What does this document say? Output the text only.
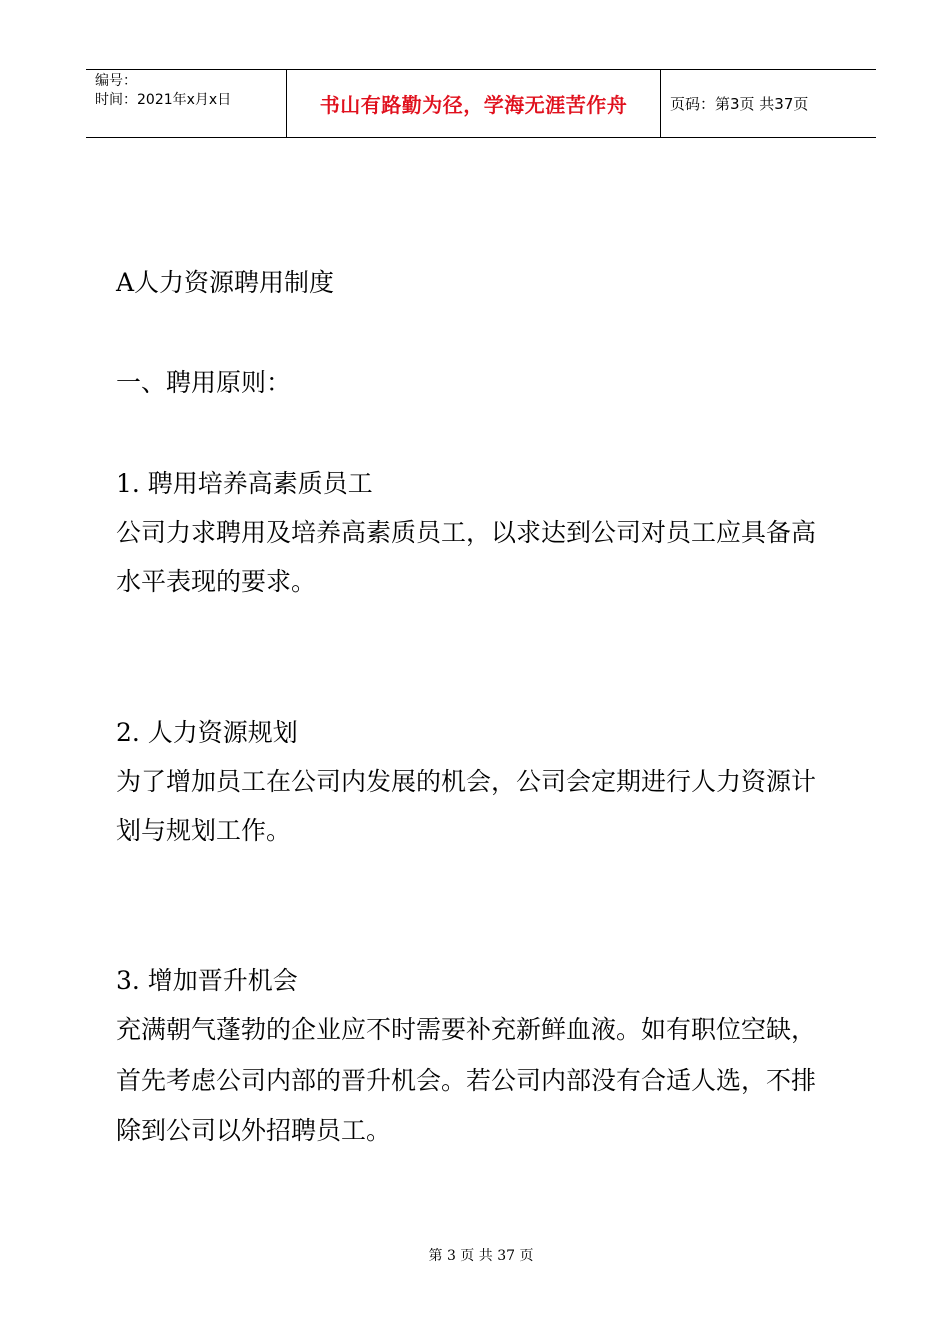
编号：
时间：2021年x月x日	书山有路勤为径，学海无涯苦作舟	页码：第3页 共37页
A人力资源聘用制度
一、聘用原则：
1. 聘用培养高素质员工
公司力求聘用及培养高素质员工，以求达到公司对员工应具备高
水平表现的要求。
2. 人力资源规划
为了增加员工在公司内发展的机会，公司会定期进行人力资源计
划与规划工作。
3. 增加晋升机会
充满朝气蓬勃的企业应不时需要补充新鲜血液。如有职位空缺，
首先考虑公司内部的晋升机会。若公司内部没有合适人选，不排
除到公司以外招聘员工。
第 3 页 共 37 页
